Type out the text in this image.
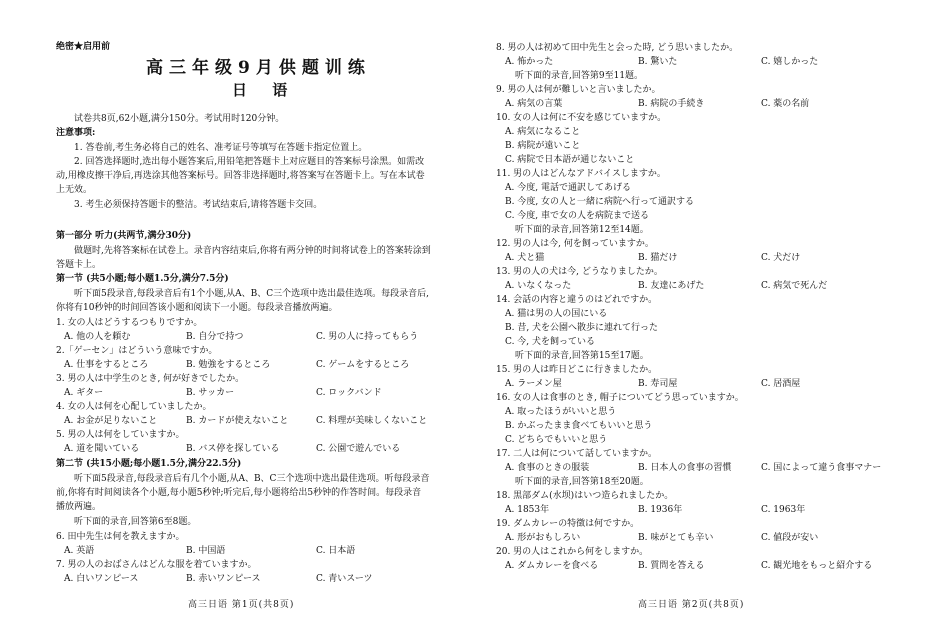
绝密★启用前
高三年级9月供题训练
日 语
试卷共8页,62小题,满分150分。考试用时120分钟。
注意事项:
1. 答卷前,考生务必将自己的姓名、准考证号等填写在答题卡指定位置上。
2. 回答选择题时,选出每小题答案后,用铅笔把答题卡上对应题目的答案标号涂黑。如需改
动,用橡皮擦干净后,再选涂其他答案标号。回答非选择题时,将答案写在答题卡上。写在本试卷
上无效。
3. 考生必须保持答题卡的整洁。考试结束后,请将答题卡交回。
第一部分 听力(共两节,满分30分)
做题时,先将答案标在试卷上。录音内容结束后,你将有两分钟的时间将试卷上的答案转涂到
答题卡上。
第一节 (共5小题;每小题1.5分,满分7.5分)
听下面5段录音,每段录音后有1个小题,从A、B、C三个选项中选出最佳选项。每段录音后,
你将有10秒钟的时间回答该小题和阅读下一小题。每段录音播放两遍。
1. 女の人はどうするつもりですか。
A. 他の人を頼む	B. 自分で持つ	C. 男の人に持ってもらう
2.「ゲーセン」はどういう意味ですか。
A. 仕事をするところ	B. 勉強をするところ	C. ゲームをするところ
3. 男の人は中学生のとき, 何が好きでしたか。
A. ギター	B. サッカー	C. ロックバンド
4. 女の人は何を心配していましたか。
A. お金が足りないこと	B. カードが使えないこと	C. 料理が美味しくないこと
5. 男の人は何をしていますか。
A. 道を聞いている	B. バス停を探している	C. 公園で遊んでいる
第二节 (共15小题;每小题1.5分,满分22.5分)
听下面5段录音,每段录音后有几个小题,从A、B、C三个选项中选出最佳选项。听每段录音
前,你将有时间阅读各个小题,每小题5秒钟;听完后,每小题将给出5秒钟的作答时间。每段录音
播放两遍。
听下面的录音,回答第6至8题。
6. 田中先生は何を教えますか。
A. 英語	B. 中国語	C. 日本語
7. 男の人のおばさんはどんな服を着ていますか。
A. 白いワンピース	B. 赤いワンピース	C. 青いスーツ
高三日语 第1页(共8页)
8. 男の人は初めて田中先生と会った時, どう思いましたか。
A. 怖かった	B. 驚いた	C. 嬉しかった
听下面的录音,回答第9至11题。
9. 男の人は何が難しいと言いましたか。
A. 病気の言葉	B. 病院の手続き	C. 薬の名前
10. 女の人は何に不安を感じていますか。
A. 病気になること
B. 病院が遠いこと
C. 病院で日本語が通じないこと
11. 男の人はどんなアドバイスしますか。
A. 今度, 電話で通訳してあげる
B. 今度, 女の人と一緒に病院へ行って通訳する
C. 今度, 車で女の人を病院まで送る
听下面的录音,回答第12至14题。
12. 男の人は今, 何を飼っていますか。
A. 犬と猫	B. 猫だけ	C. 犬だけ
13. 男の人の犬は今, どうなりましたか。
A. いなくなった	B. 友達にあげた	C. 病気で死んだ
14. 会話の内容と違うのはどれですか。
A. 猫は男の人の国にいる
B. 昔, 犬を公園へ散歩に連れて行った
C. 今, 犬を飼っている
听下面的录音,回答第15至17题。
15. 男の人は昨日どこに行きましたか。
A. ラーメン屋	B. 寿司屋	C. 居酒屋
16. 女の人は食事のとき, 帽子についてどう思っていますか。
A. 取ったほうがいいと思う
B. かぶったまま食べてもいいと思う
C. どちらでもいいと思う
17. 二人は何について話していますか。
A. 食事のときの服装	B. 日本人の食事の習慣	C. 国によって違う食事マナー
听下面的录音,回答第18至20题。
18. 黒部ダム(水坝)はいつ造られましたか。
A. 1853年	B. 1936年	C. 1963年
19. ダムカレーの特徴は何ですか。
A. 形がおもしろい	B. 味がとても辛い	C. 値段が安い
20. 男の人はこれから何をしますか。
A. ダムカレーを食べる	B. 質問を答える	C. 観光地をもっと紹介する
高三日语 第2页(共8页)
